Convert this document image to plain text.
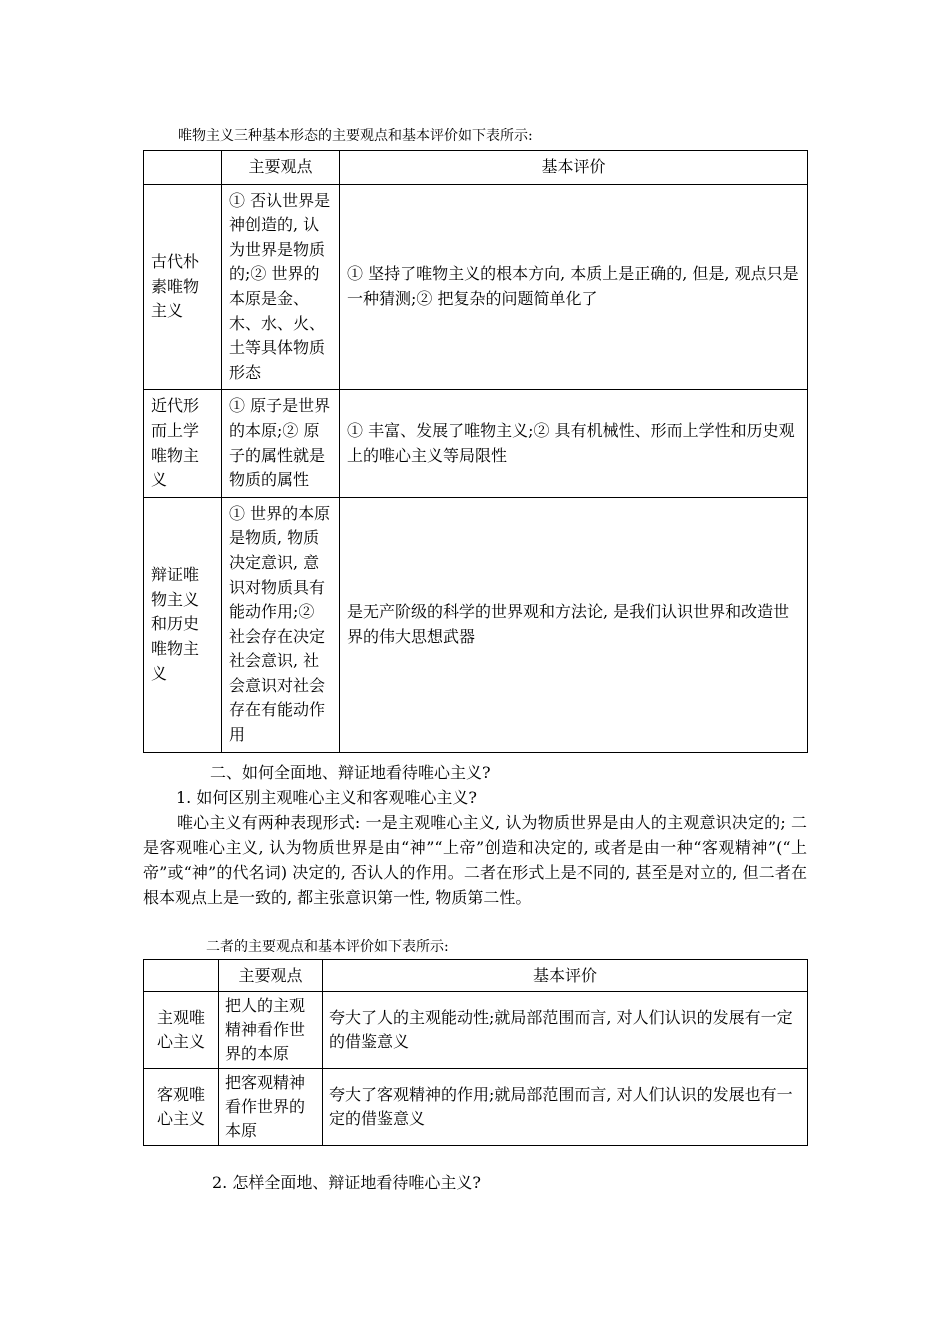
唯物主义三种基本形态的主要观点和基本评价如下表所示:
	主要观点	基本评价
古代朴素唯物主义	① 否认世界是神创造的, 认为世界是物质的;② 世界的本原是金、木、水、火、土等具体物质形态	① 坚持了唯物主义的根本方向, 本质上是正确的, 但是, 观点只是一种猜测;② 把复杂的问题简单化了
近代形而上学唯物主义	① 原子是世界的本原;② 原子的属性就是物质的属性	① 丰富、发展了唯物主义;② 具有机械性、形而上学性和历史观上的唯心主义等局限性
辩证唯物主义和历史唯物主义	① 世界的本原是物质, 物质决定意识, 意识对物质具有能动作用;② 社会存在决定社会意识, 社会意识对社会存在有能动作用	是无产阶级的科学的世界观和方法论, 是我们认识世界和改造世界的伟大思想武器
二、如何全面地、辩证地看待唯心主义?
1. 如何区别主观唯心主义和客观唯心主义?
唯心主义有两种表现形式: 一是主观唯心主义, 认为物质世界是由人的主观意识决定的; 二是客观唯心主义, 认为物质世界是由“神”“上帝”创造和决定的, 或者是由一种“客观精神”(“上帝”或“神”的代名词) 决定的, 否认人的作用。二者在形式上是不同的, 甚至是对立的, 但二者在根本观点上是一致的, 都主张意识第一性, 物质第二性。
二者的主要观点和基本评价如下表所示:
	主要观点	基本评价
主观唯心主义	把人的主观精神看作世界的本原	夸大了人的主观能动性;就局部范围而言, 对人们认识的发展有一定的借鉴意义
客观唯心主义	把客观精神看作世界的本原	夸大了客观精神的作用;就局部范围而言, 对人们认识的发展也有一定的借鉴意义
2. 怎样全面地、辩证地看待唯心主义?
